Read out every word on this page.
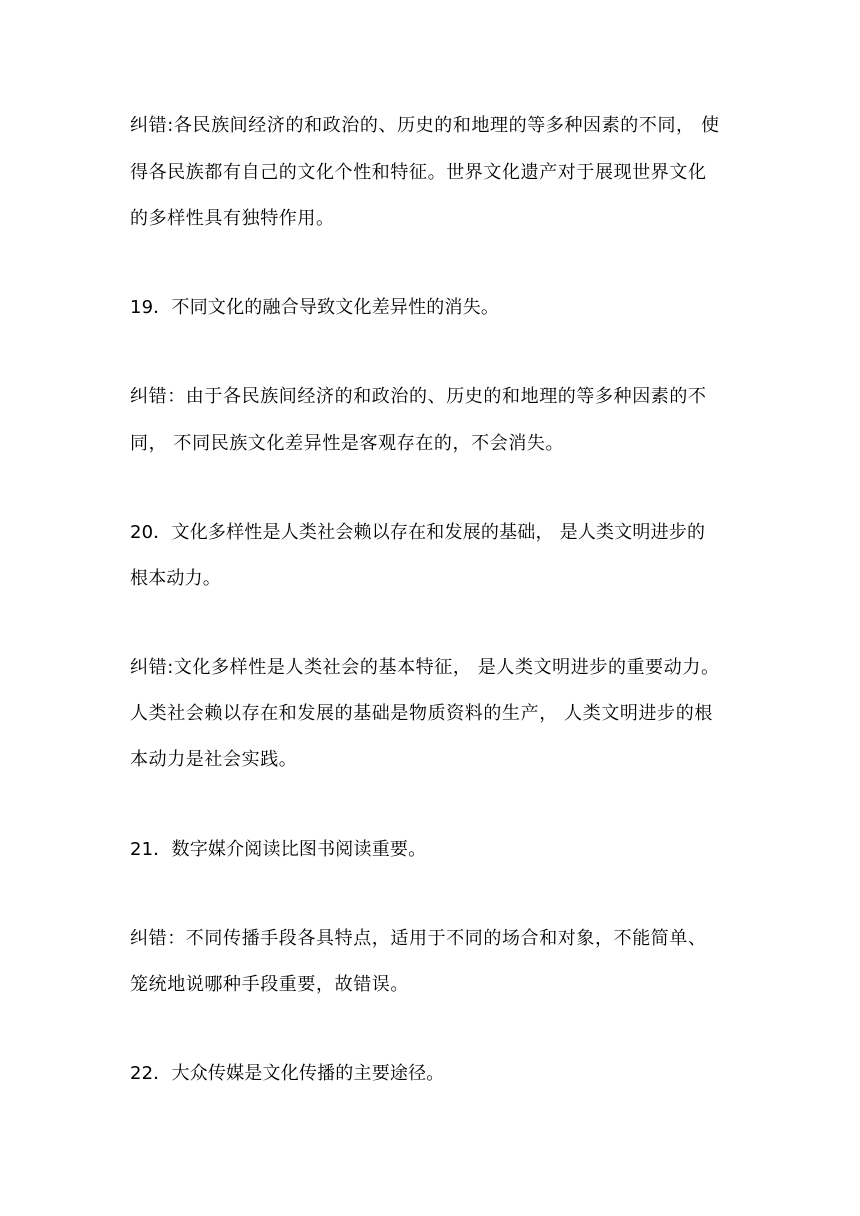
纠错:各民族间经济的和政治的、历史的和地理的等多种因素的不同， 使
得各民族都有自己的文化个性和特征。世界文化遗产对于展现世界文化
的多样性具有独特作用。
19．不同文化的融合导致文化差异性的消失。
纠错：由于各民族间经济的和政治的、历史的和地理的等多种因素的不
同， 不同民族文化差异性是客观存在的，不会消失。
20．文化多样性是人类社会赖以存在和发展的基础， 是人类文明进步的
根本动力。
纠错:文化多样性是人类社会的基本特征， 是人类文明进步的重要动力。
人类社会赖以存在和发展的基础是物质资料的生产， 人类文明进步的根
本动力是社会实践。
21．数字媒介阅读比图书阅读重要。
纠错：不同传播手段各具特点，适用于不同的场合和对象，不能简单、
笼统地说哪种手段重要，故错误。
22．大众传媒是文化传播的主要途径。
